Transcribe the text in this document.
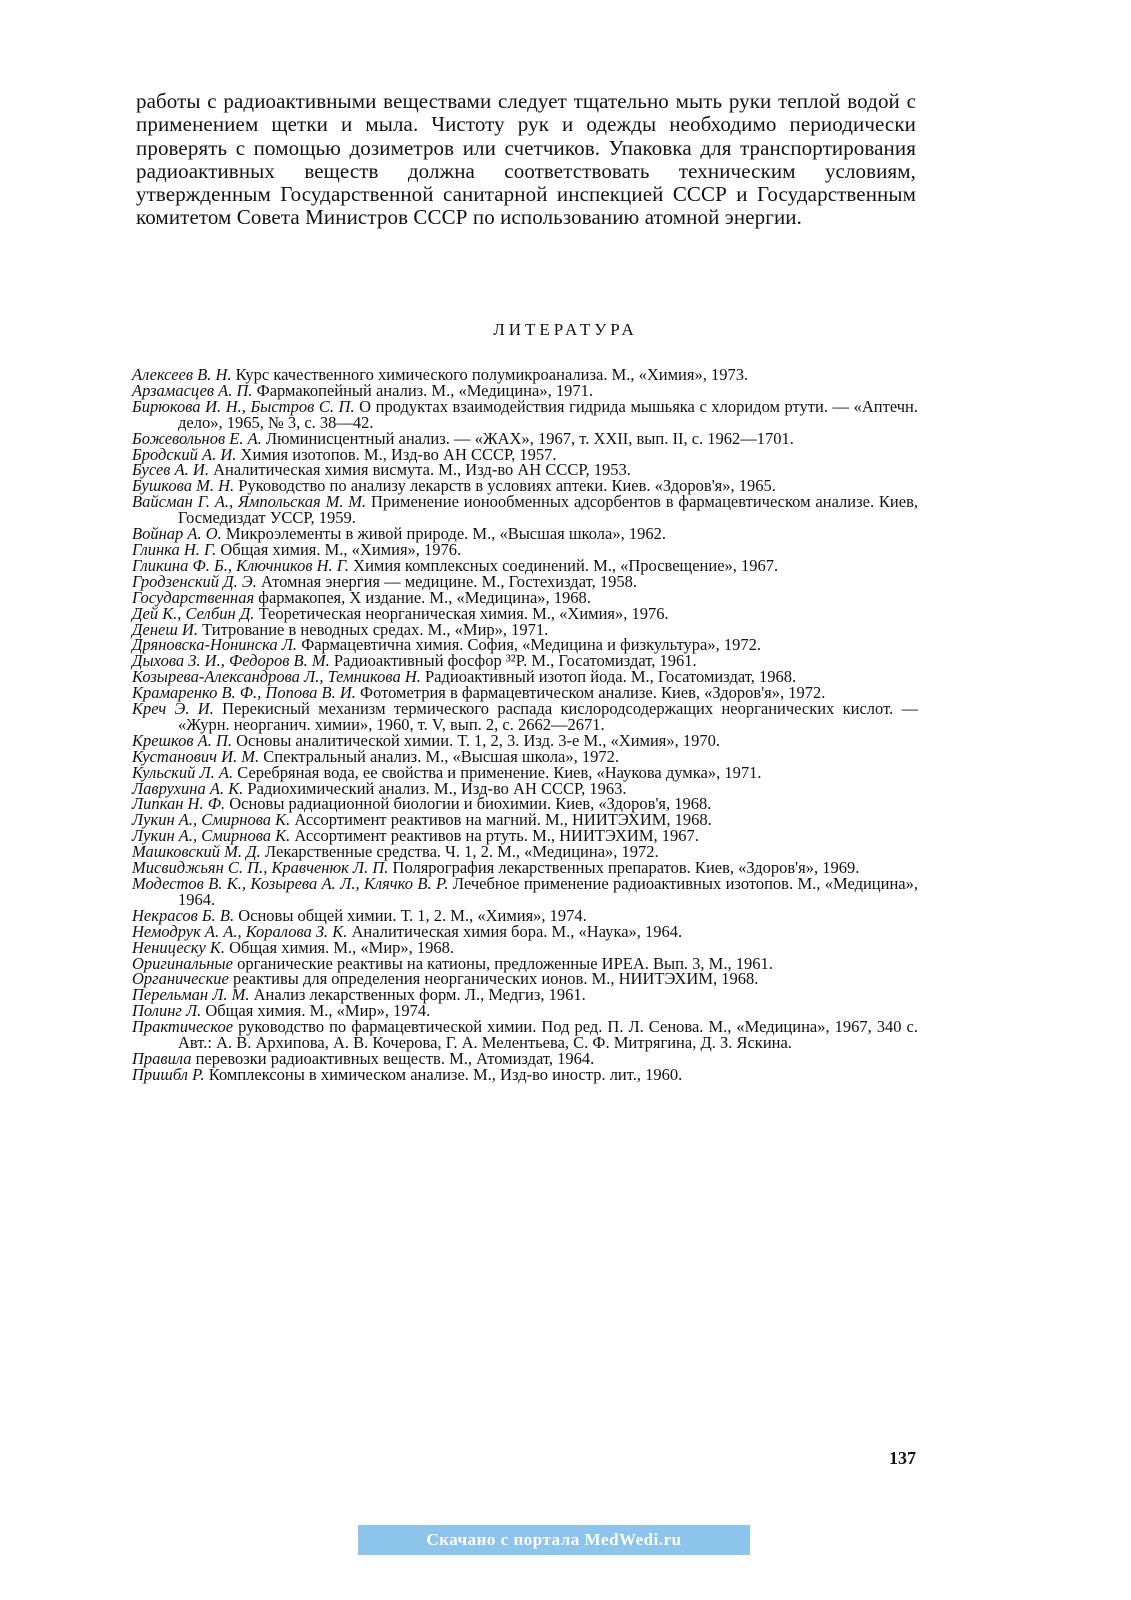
работы с радиоактивными веществами следует тщательно мыть руки теплой водой с применением щетки и мыла. Чистоту рук и одежды необходимо периодически проверять с помощью дозиметров или счетчиков. Упаковка для транспортирования радиоактивных веществ должна соответствовать техническим условиям, утвержденным Государственной санитарной инспекцией СССР и Государственным комитетом Совета Министров СССР по использованию атомной энергии.
ЛИТЕРАТУРА
Алексеев В. Н. Курс качественного химического полумикроанализа. М., «Химия», 1973.
Арзамасцев А. П. Фармакопейный анализ. М., «Медицина», 1971.
Бирюкова И. Н., Быстров С. П. О продуктах взаимодействия гидрида мышьяка с хлоридом ртути. — «Аптечн. дело», 1965, № 3, с. 38—42.
Божевольнов Е. А. Люминисцентный анализ. — «ЖАХ», 1967, т. XXII, вып. II, с. 1962—1701.
Бродский А. И. Химия изотопов. М., Изд-во АН СССР, 1957.
Бусев А. И. Аналитическая химия висмута. М., Изд-во АН СССР, 1953.
Бушкова М. Н. Руководство по анализу лекарств в условиях аптеки. Киев. «Здоров'я», 1965.
Вайсман Г. А., Ямпольская М. М. Применение ионообменных адсорбентов в фармацевтическом анализе. Киев, Госмедиздат УССР, 1959.
Войнар А. О. Микроэлементы в живой природе. М., «Высшая школа», 1962.
Глинка Н. Г. Общая химия. М., «Химия», 1976.
Гликина Ф. Б., Ключников Н. Г. Химия комплексных соединений. М., «Просвещение», 1967.
Гродзенский Д. Э. Атомная энергия — медицине. М., Гостехиздат, 1958.
Государственная фармакопея, X издание. М., «Медицина», 1968.
Дей К., Селбин Д. Теоретическая неорганическая химия. М., «Химия», 1976.
Денеш И. Титрование в неводных средах. М., «Мир», 1971.
Дряновска-Нонинска Л. Фармацевтична химия. София, «Медицина и физкультура», 1972.
Дыхова З. И., Федоров В. М. Радиоактивный фосфор ³²P. М., Госатомиздат, 1961.
Козырева-Александрова Л., Темникова Н. Радиоактивный изотоп йода. М., Госатомиздат, 1968.
Крамаренко В. Ф., Попова В. И. Фотометрия в фармацевтическом анализе. Киев, «Здоров'я», 1972.
Креч Э. И. Перекисный механизм термического распада кислородсодержащих неорганических кислот. — «Журн. неорганич. химии», 1960, т. V, вып. 2, с. 2662—2671.
Крешков А. П. Основы аналитической химии. Т. 1, 2, 3. Изд. 3-е М., «Химия», 1970.
Кустанович И. М. Спектральный анализ. М., «Высшая школа», 1972.
Кульский Л. А. Серебряная вода, ее свойства и применение. Киев, «Наукова думка», 1971.
Лаврухина А. К. Радиохимический анализ. М., Изд-во АН СССР, 1963.
Липкан Н. Ф. Основы радиационной биологии и биохимии. Киев, «Здоров'я, 1968.
Лукин А., Смирнова К. Ассортимент реактивов на магний. М., НИИТЭХИМ, 1968.
Лукин А., Смирнова К. Ассортимент реактивов на ртуть. М., НИИТЭХИМ, 1967.
Машковский М. Д. Лекарственные средства. Ч. 1, 2. М., «Медицина», 1972.
Мисвиджьян С. П., Кравченюк Л. П. Полярография лекарственных препаратов. Киев, «Здоров'я», 1969.
Модестов В. К., Козырева А. Л., Клячко В. Р. Лечебное применение радиоактивных изотопов. М., «Медицина», 1964.
Некрасов Б. В. Основы общей химии. Т. 1, 2. М., «Химия», 1974.
Немодрук А. А., Коралова З. К. Аналитическая химия бора. М., «Наука», 1964.
Неницеску К. Общая химия. М., «Мир», 1968.
Оригинальные органические реактивы на катионы, предложенные ИРЕА. Вып. 3, М., 1961.
Органические реактивы для определения неорганических ионов. М., НИИТЭХИМ, 1968.
Перельман Л. М. Анализ лекарственных форм. Л., Медгиз, 1961.
Полинг Л. Общая химия. М., «Мир», 1974.
Практическое руководство по фармацевтической химии. Под ред. П. Л. Сенова. М., «Медицина», 1967, 340 с. Авт.: А. В. Архипова, А. В. Кочерова, Г. А. Мелентьева, С. Ф. Митрягина, Д. З. Яскина.
Правила перевозки радиоактивных веществ. М., Атомиздат, 1964.
Пришбл Р. Комплексоны в химическом анализе. М., Изд-во иностр. лит., 1960.
137
Скачано с портала MedWedi.ru
